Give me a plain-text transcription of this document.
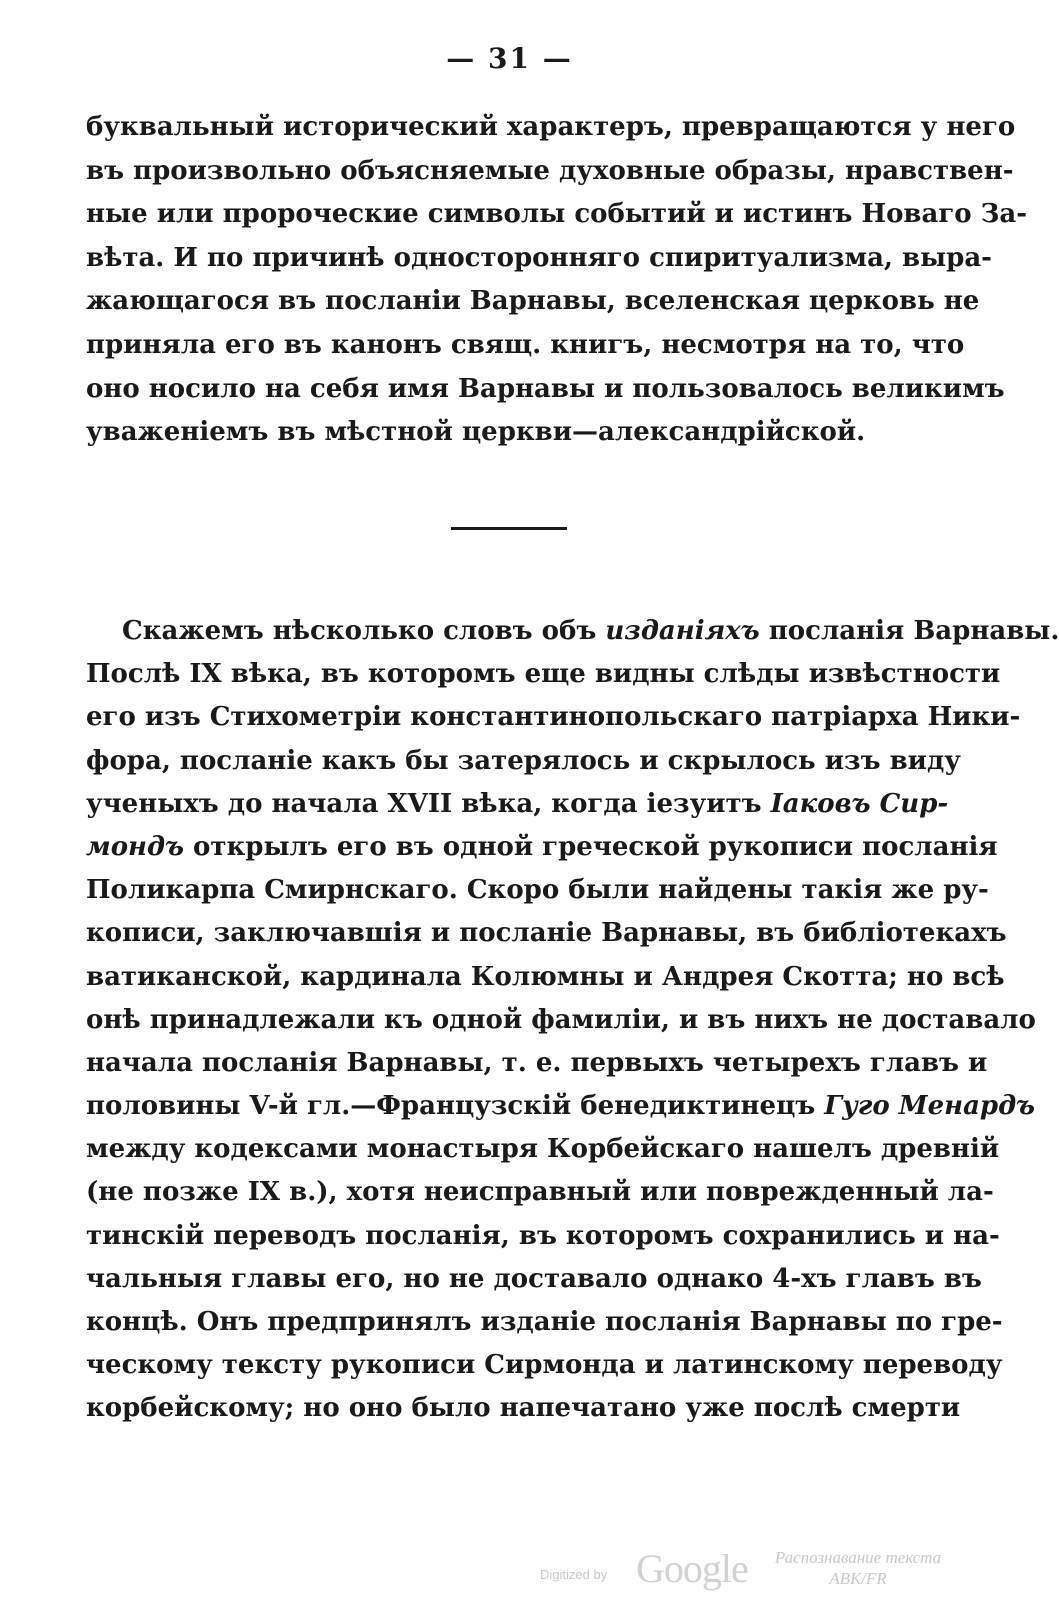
— 31 —
буквальный исторический характеръ, превращаются у него
въ произвольно объясняемые духовные образы, нравствен-
ные или пророческие символы событий и истинъ Новаго За-
вѣта. И по причинѣ односторонняго спиритуализма, выра-
жающагося въ посланiи Варнавы, вселенская церковь не
приняла его въ канонъ свящ. книгъ, несмотря на то, что
оно носило на себя имя Варнавы и пользовалось великимъ
уваженiемъ въ мѣстной церкви—александрiйской.
Скажемъ нѣсколько словъ объ изданiяхъ посланiя Варнавы.
Послѣ IX вѣка, въ которомъ еще видны слѣды извѣстности
его изъ Стихометрiи константинопольскаго патрiарха Ники-
фора, посланiе какъ бы затерялось и скрылось изъ виду
ученыхъ до начала XVII вѣка, когда iезуитъ Iаковъ Сир-
мондъ открылъ его въ одной греческой рукописи посланiя
Поликарпа Смирнскаго. Скоро были найдены такiя же ру-
кописи, заключавшiя и посланiе Варнавы, въ библiотекахъ
ватиканской, кардинала Колюмны и Андрея Скотта; но всѣ
онѣ принадлежали къ одной фамилiи, и въ нихъ не доставало
начала посланiя Варнавы, т. е. первыхъ четырехъ главъ и
половины V-й гл.—Французскiй бенедиктинецъ Гуго Менардъ
между кодексами монастыря Корбейскаго нашелъ древнiй
(не позже IX в.), хотя неисправный или поврежденный ла-
тинскiй переводъ посланiя, въ которомъ сохранились и на-
чальныя главы его, но не доставало однако 4-хъ главъ въ
концѣ. Онъ предпринялъ изданiе посланiя Варнавы по гре-
ческому тексту рукописи Сирмонда и латинскому переводу
корбейскому; но оно было напечатано уже послѣ смерти
Digitized by Google	Распознавание текста
ABK/FR
